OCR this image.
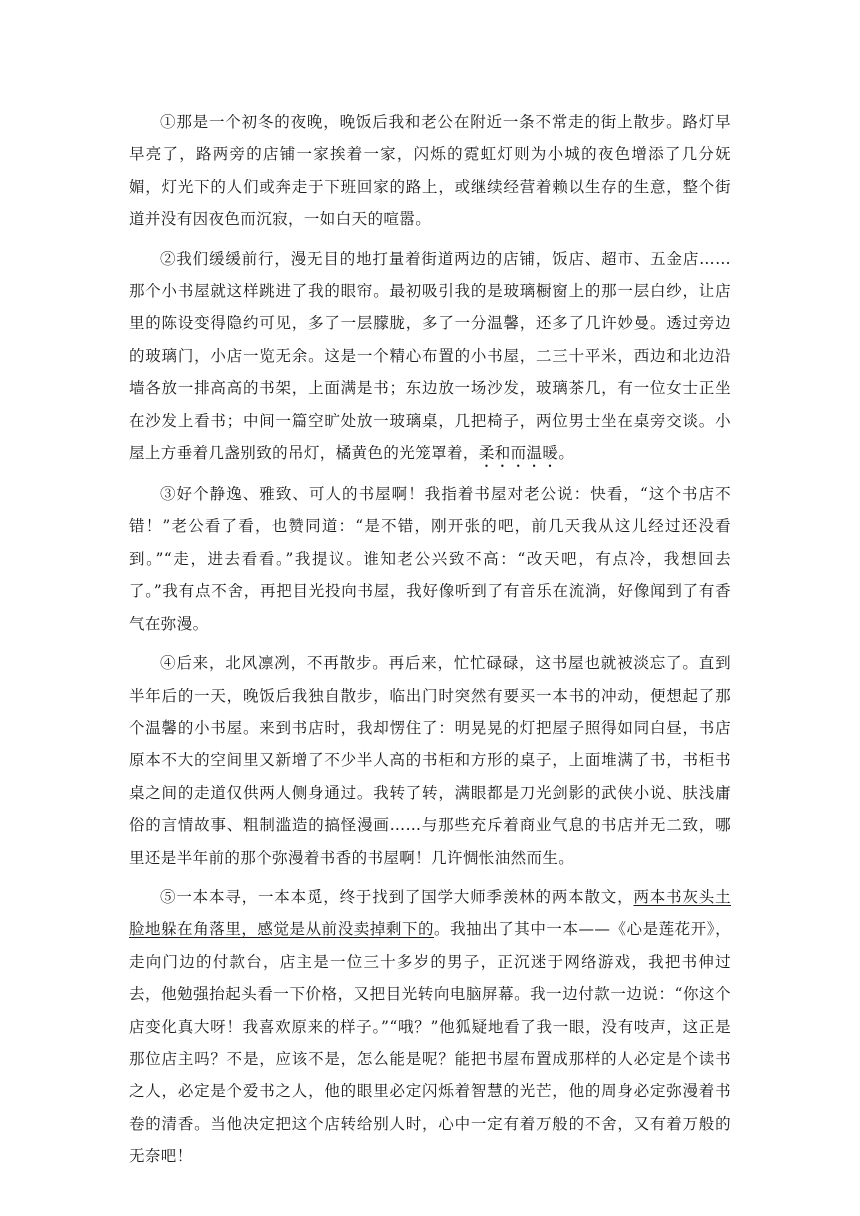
①那是一个初冬的夜晚，晚饭后我和老公在附近一条不常走的街上散步。路灯早早亮了，路两旁的店铺一家挨着一家，闪烁的霓虹灯则为小城的夜色增添了几分妩媚，灯光下的人们或奔走于下班回家的路上，或继续经营着赖以生存的生意，整个街道并没有因夜色而沉寂，一如白天的喧嚣。

②我们缓缓前行，漫无目的地打量着街道两边的店铺，饭店、超市、五金店……那个小书屋就这样跳进了我的眼帘。最初吸引我的是玻璃橱窗上的那一层白纱，让店里的陈设变得隐约可见，多了一层朦胧，多了一分温馨，还多了几许妙曼。透过旁边的玻璃门，小店一览无余。这是一个精心布置的小书屋，二三十平米，西边和北边沿墙各放一排高高的书架，上面满是书；东边放一场沙发，玻璃茶几，有一位女士正坐在沙发上看书；中间一篇空旷处放一玻璃桌，几把椅子，两位男士坐在桌旁交谈。小屋上方垂着几盏别致的吊灯，橘黄色的光笼罩着，柔和而温暖。

③好个静逸、雅致、可人的书屋啊！我指着书屋对老公说：快看，“这个书店不错！”老公看了看，也赞同道：“是不错，刚开张的吧，前几天我从这儿经过还没看到。”“走，进去看看。”我提议。谁知老公兴致不高：“改天吧，有点冷，我想回去了。”我有点不舍，再把目光投向书屋，我好像听到了有音乐在流淌，好像闻到了有香气在弥漫。

④后来，北风凛冽，不再散步。再后来，忙忙碌碌，这书屋也就被淡忘了。直到半年后的一天，晚饭后我独自散步，临出门时突然有要买一本书的冲动，便想起了那个温馨的小书屋。来到书店时，我却愣住了：明晃晃的灯把屋子照得如同白昼，书店原本不大的空间里又新增了不少半人高的书柜和方形的桌子，上面堆满了书，书柜书桌之间的走道仅供两人侧身通过。我转了转，满眼都是刀光剑影的武侠小说、肤浅庸俗的言情故事、粗制滥造的搞怪漫画……与那些充斥着商业气息的书店并无二致，哪里还是半年前的那个弥漫着书香的书屋啊！几许惆怅油然而生。

⑤一本本寻，一本本觅，终于找到了国学大师季羡林的两本散文，两本书灰头土脸地躲在角落里，感觉是从前没卖掉剩下的。我抽出了其中一本——《心是莲花开》，走向门边的付款台，店主是一位三十多岁的男子，正沉迷于网络游戏，我把书伸过去，他勉强抬起头看一下价格，又把目光转向电脑屏幕。我一边付款一边说：“你这个店变化真大呀！我喜欢原来的样子。”“哦？”他狐疑地看了我一眼，没有吱声，这正是那位店主吗？不是，应该不是，怎么能是呢？能把书屋布置成那样的人必定是个读书之人，必定是个爱书之人，他的眼里必定闪烁着智慧的光芒，他的周身必定弥漫着书卷的清香。当他决定把这个店转给别人时，心中一定有着万般的不舍，又有着万般的无奈吧！
